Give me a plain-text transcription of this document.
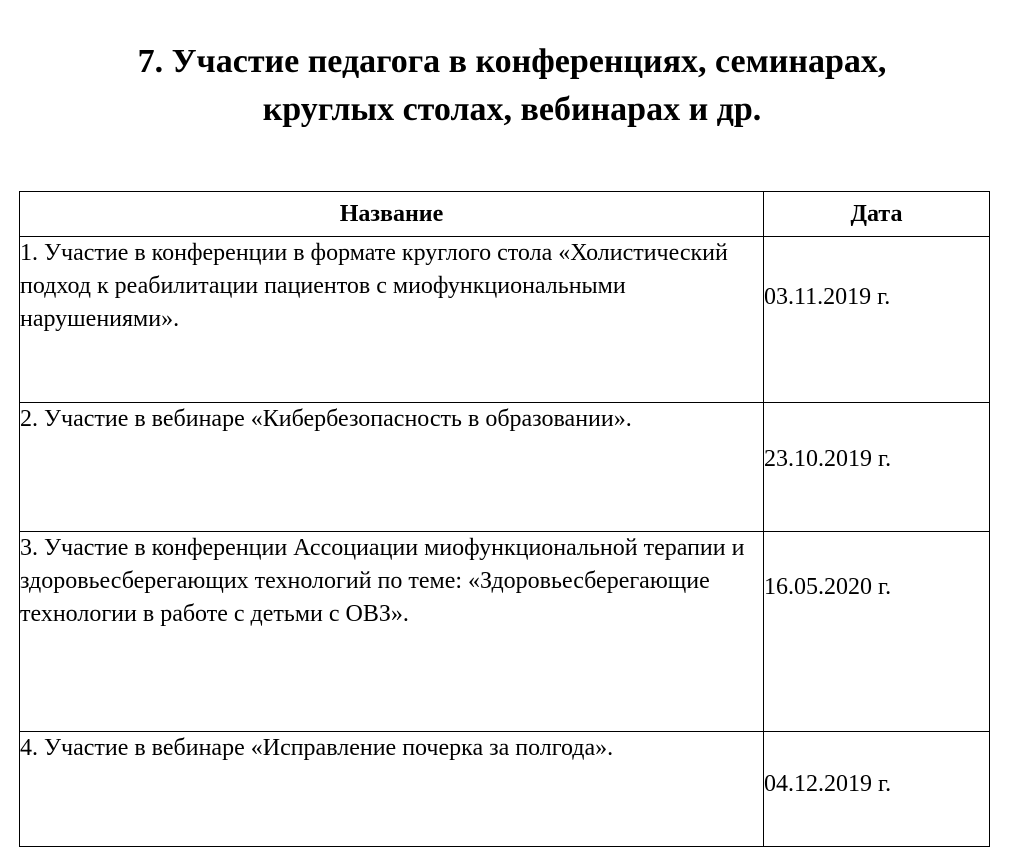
7. Участие педагога в конференциях, семинарах,
круглых столах, вебинарах и др.
Название	Дата

1. Участие в конференции в формате круглого стола «Холистический подход к реабилитации пациентов с миофункциональными нарушениями».	03.11.2019 г.

2. Участие в вебинаре «Кибербезопасность в образовании».	23.10.2019 г.

3. Участие в конференции Ассоциации миофункциональной терапии и здоровьесберегающих технологий по теме: «Здоровьесберегающие технологии в работе с детьми с ОВЗ».	16.05.2020 г.

4. Участие в вебинаре «Исправление почерка за полгода».	04.12.2019 г.
